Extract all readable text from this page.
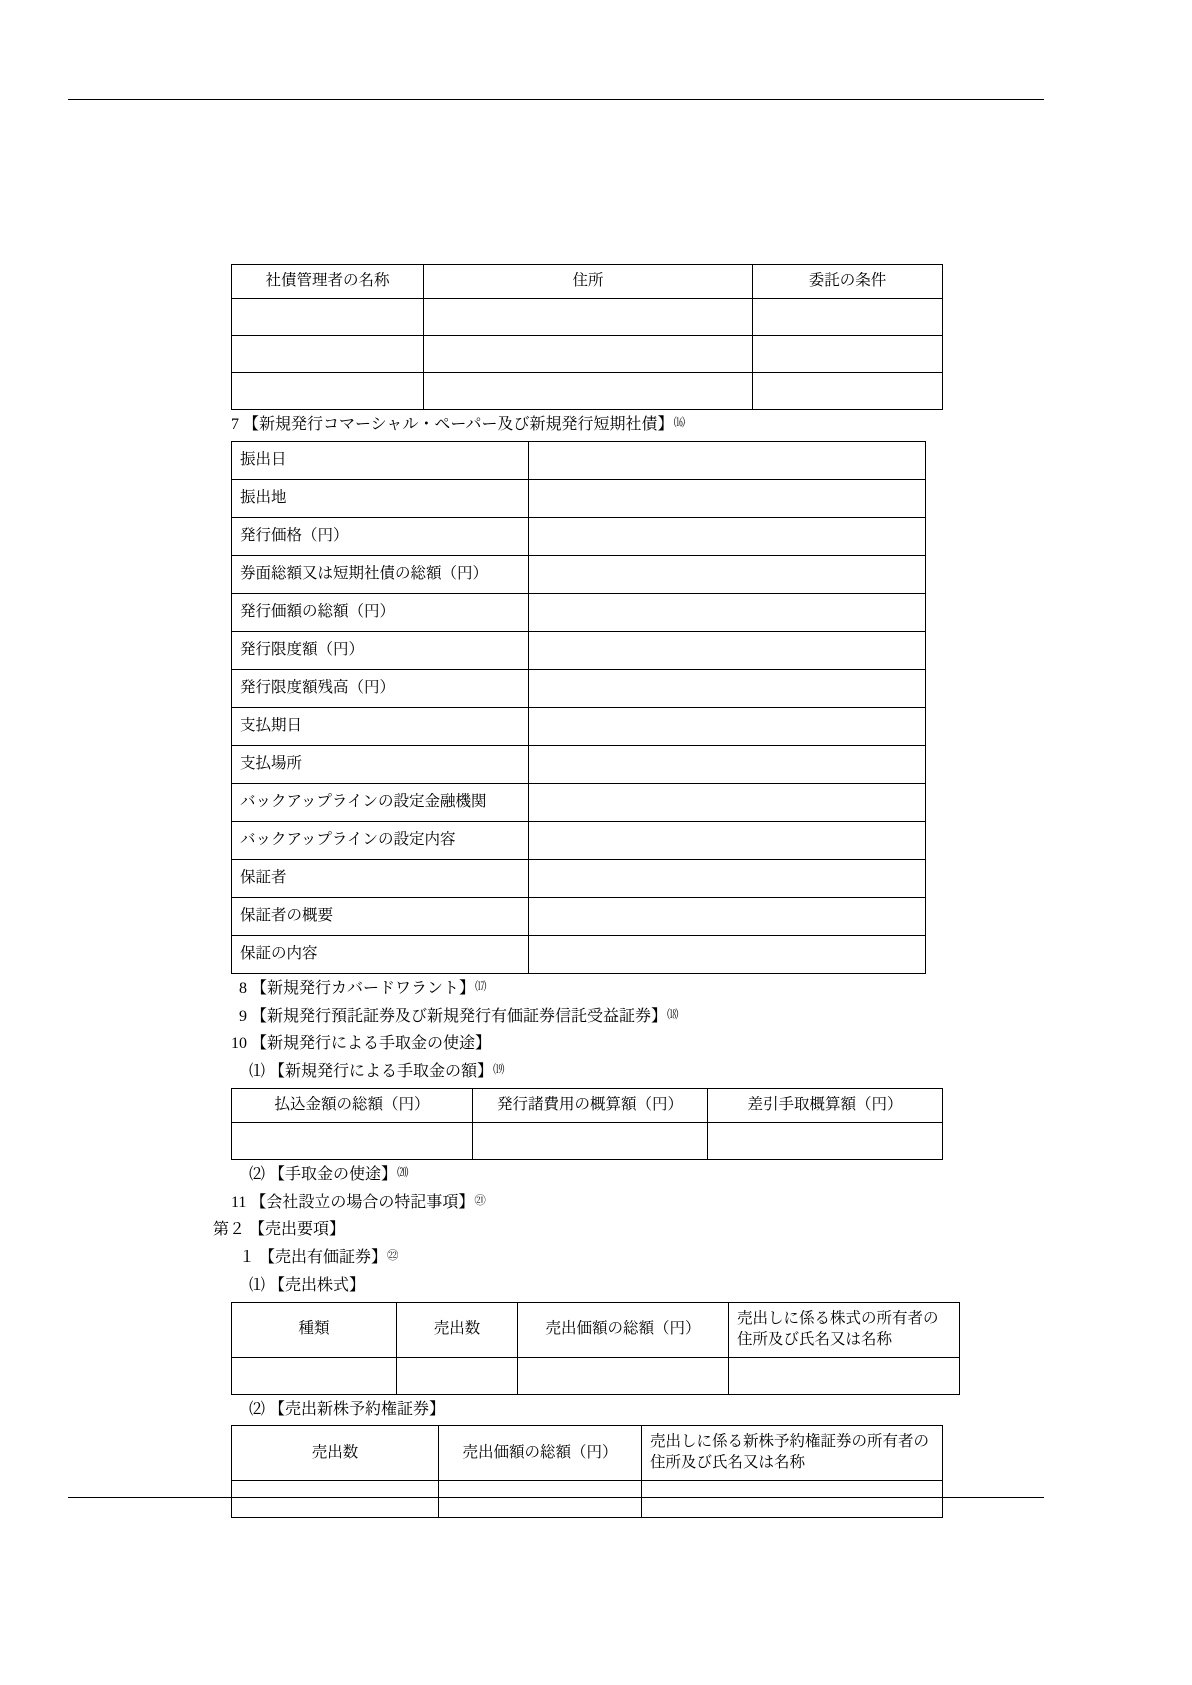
社債管理者の名称	住所	委託の条件

7 【新規発行コマーシャル・ペーパー及び新規発行短期社債】⒃
振出日	
振出地	
発行価格（円）	
券面総額又は短期社債の総額（円）	
発行価額の総額（円）	
発行限度額（円）	
発行限度額残高（円）	
支払期日	
支払場所	
バックアップラインの設定金融機関	
バックアップラインの設定内容	
保証者	
保証者の概要	
保証の内容	
8 【新規発行カバードワラント】⒄
9 【新規発行預託証券及び新規発行有価証券信託受益証券】⒅
10 【新規発行による手取金の使途】
⑴ 【新規発行による手取金の額】⒆
払込金額の総額（円）	発行諸費用の概算額（円）	差引手取概算額（円）

⑵ 【手取金の使途】⒇
11 【会社設立の場合の特記事項】$^㉑$
第２ 【売出要項】
１ 【売出有価証券】$^㉒$
⑴ 【売出株式】
種類	売出数	売出価額の総額（円）	売出しに係る株式の所有者の住所及び氏名又は名称

⑵ 【売出新株予約権証券】
売出数	売出価額の総額（円）	売出しに係る新株予約権証券の所有者の住所及び氏名又は名称
